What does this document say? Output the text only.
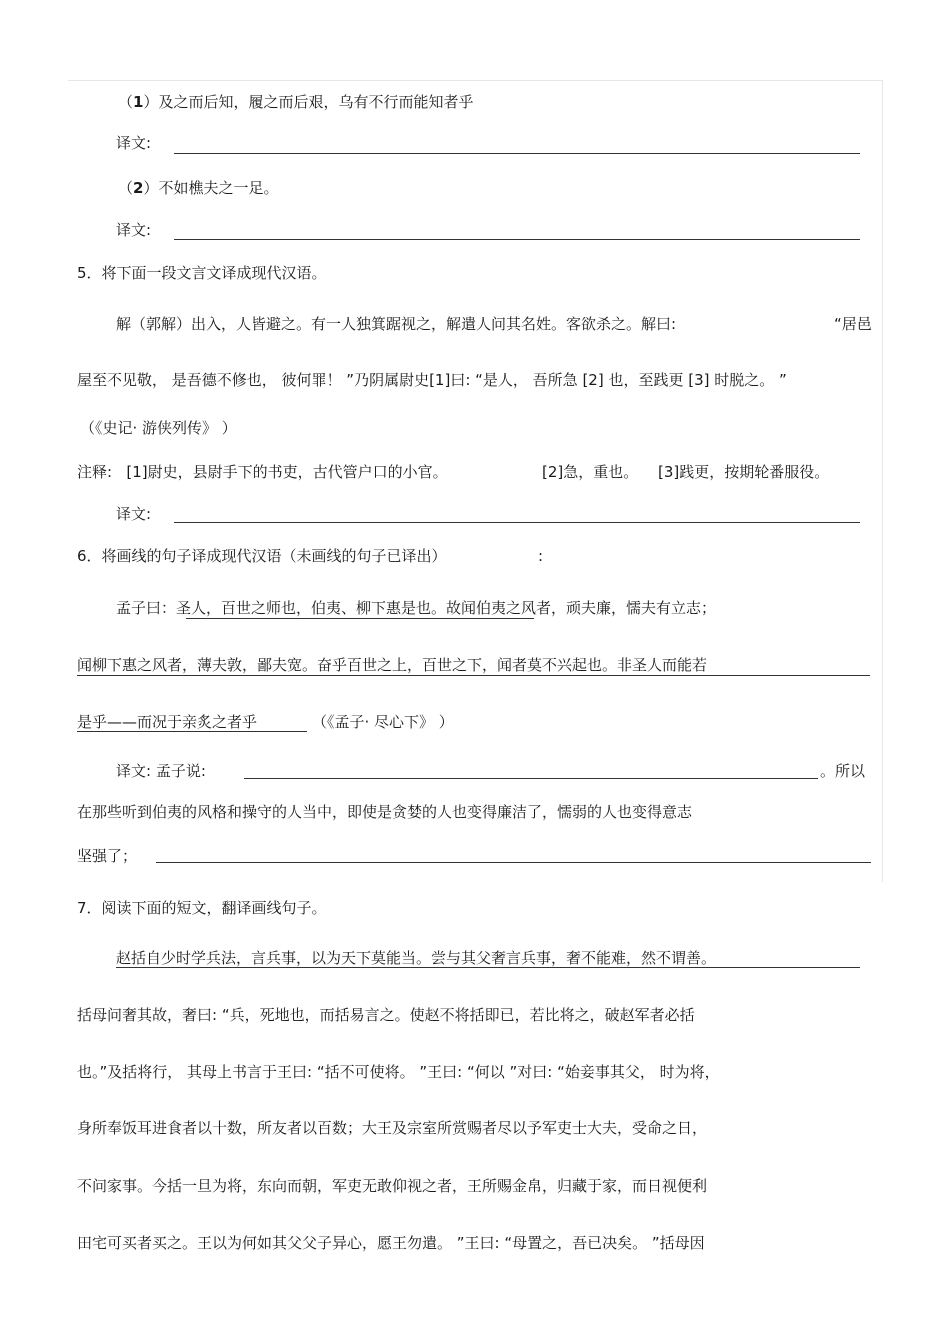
（1）及之而后知，履之而后艰，乌有不行而能知者乎
译文:
（2）不如樵夫之一足。
译文:
5．将下面一段文言文译成现代汉语。
解（郭解）出入，人皆避之。有一人独箕踞视之，解遣人问其名姓。客欲杀之。解曰:	“居邑
屋至不见敬， 是吾德不修也， 彼何罪！ ”乃阴属尉史[1]曰: “是人， 吾所急 [2] 也，至践更 [3] 时脱之。 ”
（《史记· 游侠列传》 ）
注释: [1]尉史，县尉手下的书吏，古代管户口的小官。	[2]急，重也。 [3]践更，按期轮番服役。
译文:
6．将画线的句子译成现代汉语（未画线的句子已译出）	:
孟子曰：圣人，百世之师也，伯夷、柳下惠是也。故闻伯夷之风者，顽夫廉，懦夫有立志；
闻柳下惠之风者，薄夫敦，鄙夫宽。奋乎百世之上，百世之下，闻者莫不兴起也。非圣人而能若
是乎——而况于亲炙之者乎	（《孟子· 尽心下》 ）
译文: 孟子说:	。所以
在那些听到伯夷的风格和操守的人当中，即使是贪婪的人也变得廉洁了，懦弱的人也变得意志
坚强了；
7．阅读下面的短文，翻译画线句子。
赵括自少时学兵法，言兵事，以为天下莫能当。尝与其父奢言兵事，奢不能难，然不谓善。
括母问奢其故，奢曰: “兵，死地也，而括易言之。使赵不将括即已，若比将之，破赵军者必括
也。”及括将行， 其母上书言于王曰: “括不可使将。 ”王曰: “何以 ”对曰: “始妾事其父， 时为将，
身所奉饭耳进食者以十数，所友者以百数；大王及宗室所赏赐者尽以予军吏士大夫，受命之日，
不问家事。今括一旦为将，东向而朝，军吏无敢仰视之者，王所赐金帛，归藏于家，而日视便利
田宅可买者买之。王以为何如其父父子异心，愿王勿遣。 ”王曰: “母置之，吾已决矣。 ”括母因
